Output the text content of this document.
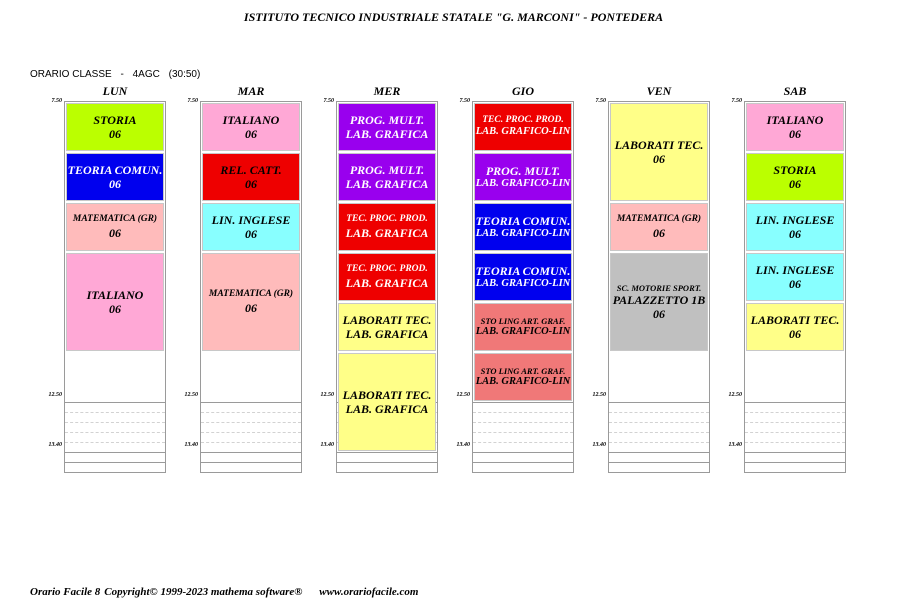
ISTITUTO TECNICO INDUSTRIALE STATALE "G. MARCONI" - PONTEDERA
ORARIO CLASSE - 4AGC (30:50)
LUN
7.50
12.50
13.40
STORIA
06
TEORIA COMUN.
06
MATEMATICA (GR)
06
ITALIANO
06
MAR
7.50
12.50
13.40
ITALIANO
06
REL. CATT.
06
LIN. INGLESE
06
MATEMATICA (GR)
06
MER
7.50
12.50
13.40
PROG. MULT.
LAB. GRAFICA
PROG. MULT.
LAB. GRAFICA
TEC. PROC. PROD.
LAB. GRAFICA
TEC. PROC. PROD.
LAB. GRAFICA
LABORATI TEC.
LAB. GRAFICA
LABORATI TEC.
LAB. GRAFICA
GIO
7.50
12.50
13.40
TEC. PROC. PROD.
LAB. GRAFICO-LIN
PROG. MULT.
LAB. GRAFICO-LIN
TEORIA COMUN.
LAB. GRAFICO-LIN
TEORIA COMUN.
LAB. GRAFICO-LIN
STO LING ART. GRAF.
LAB. GRAFICO-LIN
STO LING ART. GRAF.
LAB. GRAFICO-LIN
VEN
7.50
12.50
13.40
LABORATI TEC.
06
MATEMATICA (GR)
06
SC. MOTORIE SPORT.
PALAZZETTO 1B
06
SAB
7.50
12.50
13.40
ITALIANO
06
STORIA
06
LIN. INGLESE
06
LIN. INGLESE
06
LABORATI TEC.
06
Orario Facile 8 Copyright© 1999-2023 mathema software® www.orariofacile.com
